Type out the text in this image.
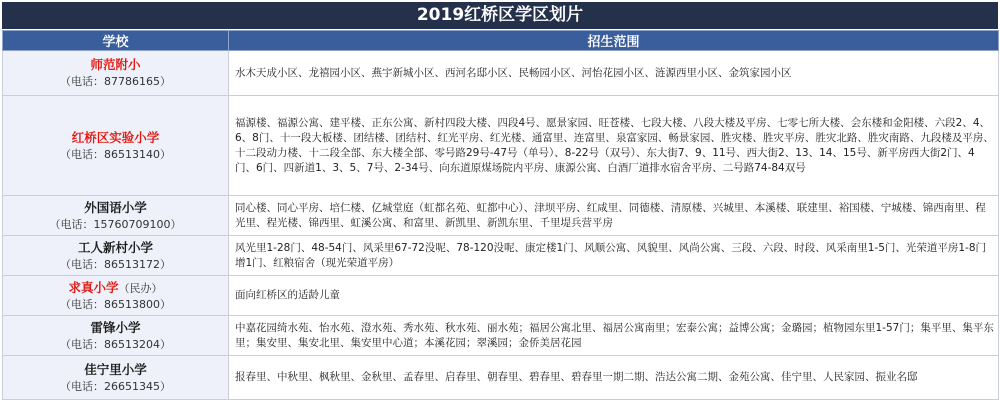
2019红桥区学区划片
学校	招生范围

师范附小
（电话：87786165）	水木天成小区、龙禧园小区、燕宇新城小区、西河名邸小区、民畅园小区、河怡花园小区、涟源西里小区、金筑家园小区

红桥区实验小学
（电话：86513140）	福源楼、福源公寓、建平楼、正东公寓、新村四段大楼、四段4号、愿景家园、旺苍楼、七段大楼、八段大楼及平房、七零七所大楼、会东楼和金阳楼、六段2、4、6、8门、十一段大板楼、团结楼、团结村、红光平房、红光楼、通富里、连富里、泉富家园、畅景家园、胜灾楼、胜灾平房、胜灾北路、胜灾南路、九段楼及平房、十二段动力楼、十二段全部、东大楼全部、零号路29号-47号（单号）、8-22号（双号）、东大街7、9、11号、西大街2、13、14、15号、新平房西大街2门、4门、6门、四新道1、3、5、7号、2-34号、向东道原煤场院内平房、康源公寓、白酒厂道排水宿舍平房、二号路74-84双号

外国语小学
（电话：15760709100）	同心楼、同心平房、培仁楼、亿城堂庭（虹都名苑、虹都中心）、津坝平房、红咸里、同德楼、清原楼、兴城里、本溪楼、联建里、裕国楼、宁城楼、锦西南里、程光里、程光楼、锦西里、虹溪公寓、和富里、新凯里、新凯东里、千里堤兵营平房

工人新村小学
（电话：86513172）	风光里1-28门、48-54门、风采里67-72没呢、78-120没呢、康定楼1门、风顺公寓、风貌里、风尚公寓、三段、六段、时段、风采南里1-5门、光荣道平房1-8门增1门、红粮宿舍（现光荣道平房）

求真小学（民办）
（电话：86513800）	面向红桥区的适龄儿童

雷锋小学
（电话：86513204）	中嘉花园绮水苑、怡水苑、澄水苑、秀水苑、秋水苑、丽水苑；福居公寓北里、福居公寓南里；宏泰公寓；益博公寓；金璐园；植物园东里1-57门；集平里、集平东里；集安里、集安北里、集安里中心道；本溪花园；翠溪园；金侨美居花园

佳宁里小学
（电话：26651345）	报春里、中秋里、枫秋里、金秋里、孟春里、启春里、朝春里、碧春里、碧春里一期二期、浩达公寓二期、金苑公寓、佳宁里、人民家园、振业名邸
